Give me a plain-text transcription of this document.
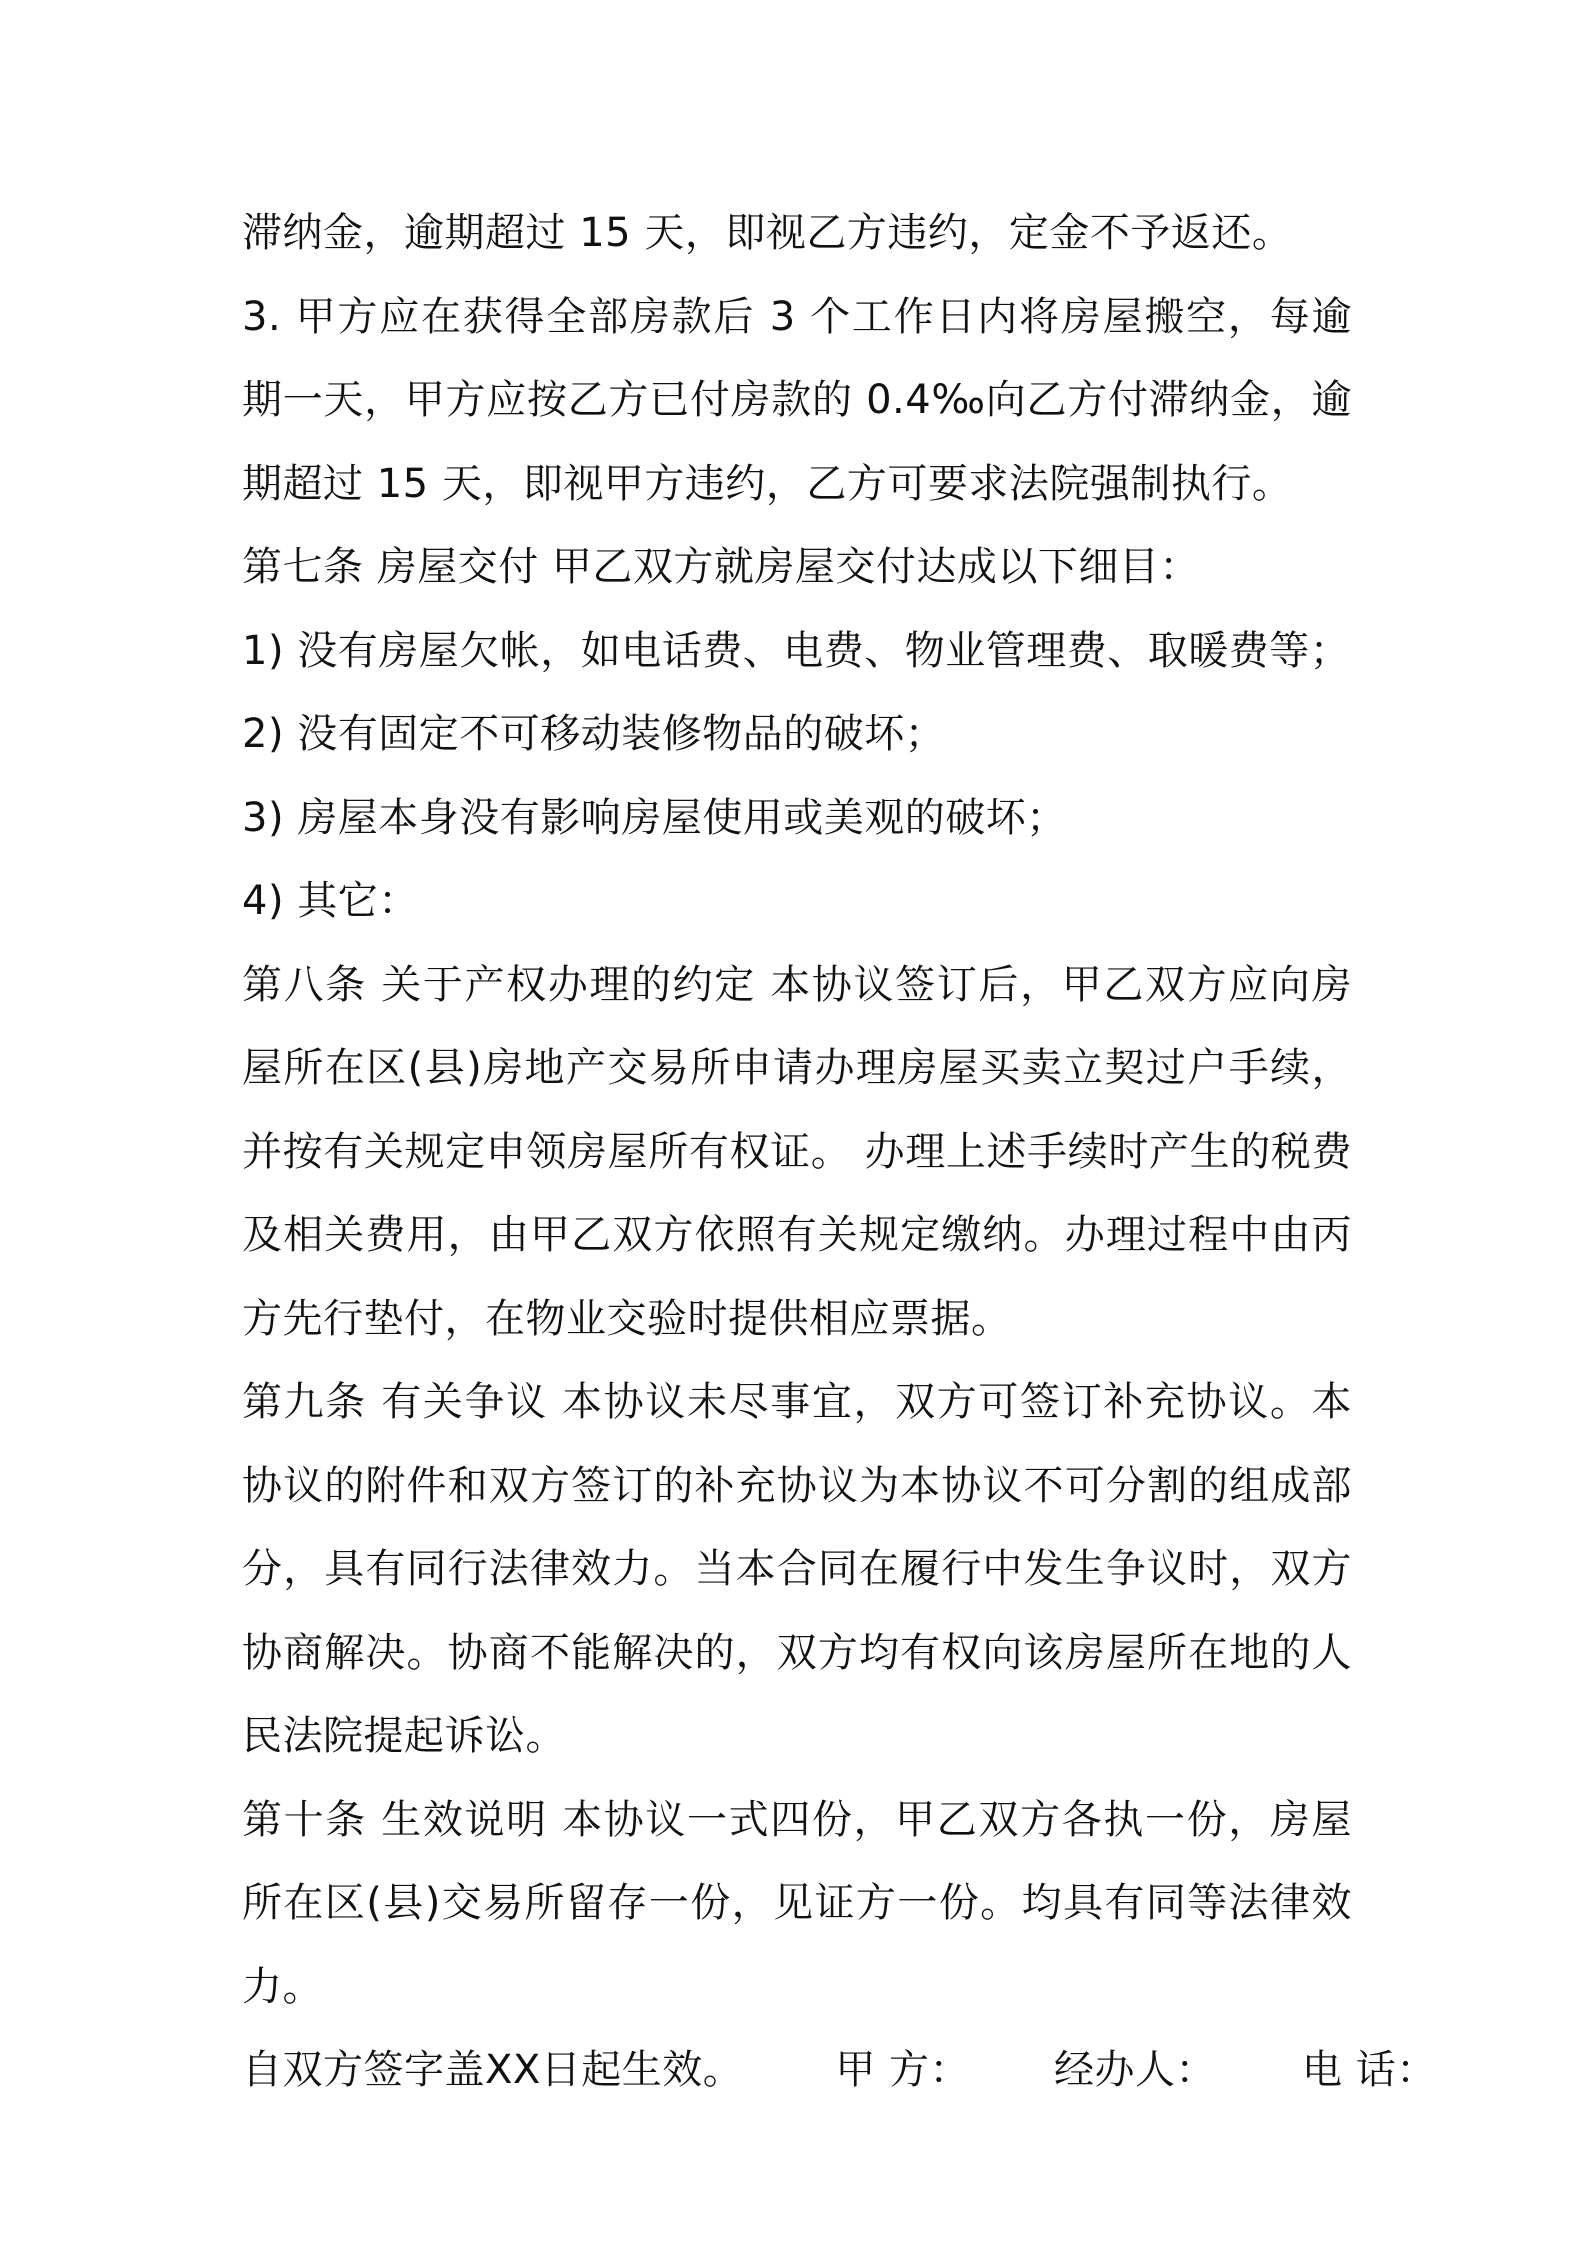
滞纳金，逾期超过 15 天，即视乙方违约，定金不予返还。

3. 甲方应在获得全部房款后 3 个工作日内将房屋搬空，每逾期一天，甲方应按乙方已付房款的 0.4‰向乙方付滞纳金，逾期超过 15 天，即视甲方违约，乙方可要求法院强制执行。

第七条 房屋交付 甲乙双方就房屋交付达成以下细目：

1) 没有房屋欠帐，如电话费、电费、物业管理费、取暖费等；

2) 没有固定不可移动装修物品的破坏；

3) 房屋本身没有影响房屋使用或美观的破坏；

4) 其它：

第八条 关于产权办理的约定 本协议签订后，甲乙双方应向房屋所在区(县)房地产交易所申请办理房屋买卖立契过户手续，并按有关规定申领房屋所有权证。 办理上述手续时产生的税费及相关费用，由甲乙双方依照有关规定缴纳。办理过程中由丙方先行垫付，在物业交验时提供相应票据。

第九条 有关争议 本协议未尽事宜，双方可签订补充协议。本协议的附件和双方签订的补充协议为本协议不可分割的组成部分，具有同行法律效力。当本合同在履行中发生争议时，双方协商解决。协商不能解决的，双方均有权向该房屋所在地的人民法院提起诉讼。

第十条 生效说明 本协议一式四份，甲乙双方各执一份，房屋所在区(县)交易所留存一份，见证方一份。均具有同等法律效力。

自双方签字盖XX日起生效。 甲 方： 经办人： 电 话：
